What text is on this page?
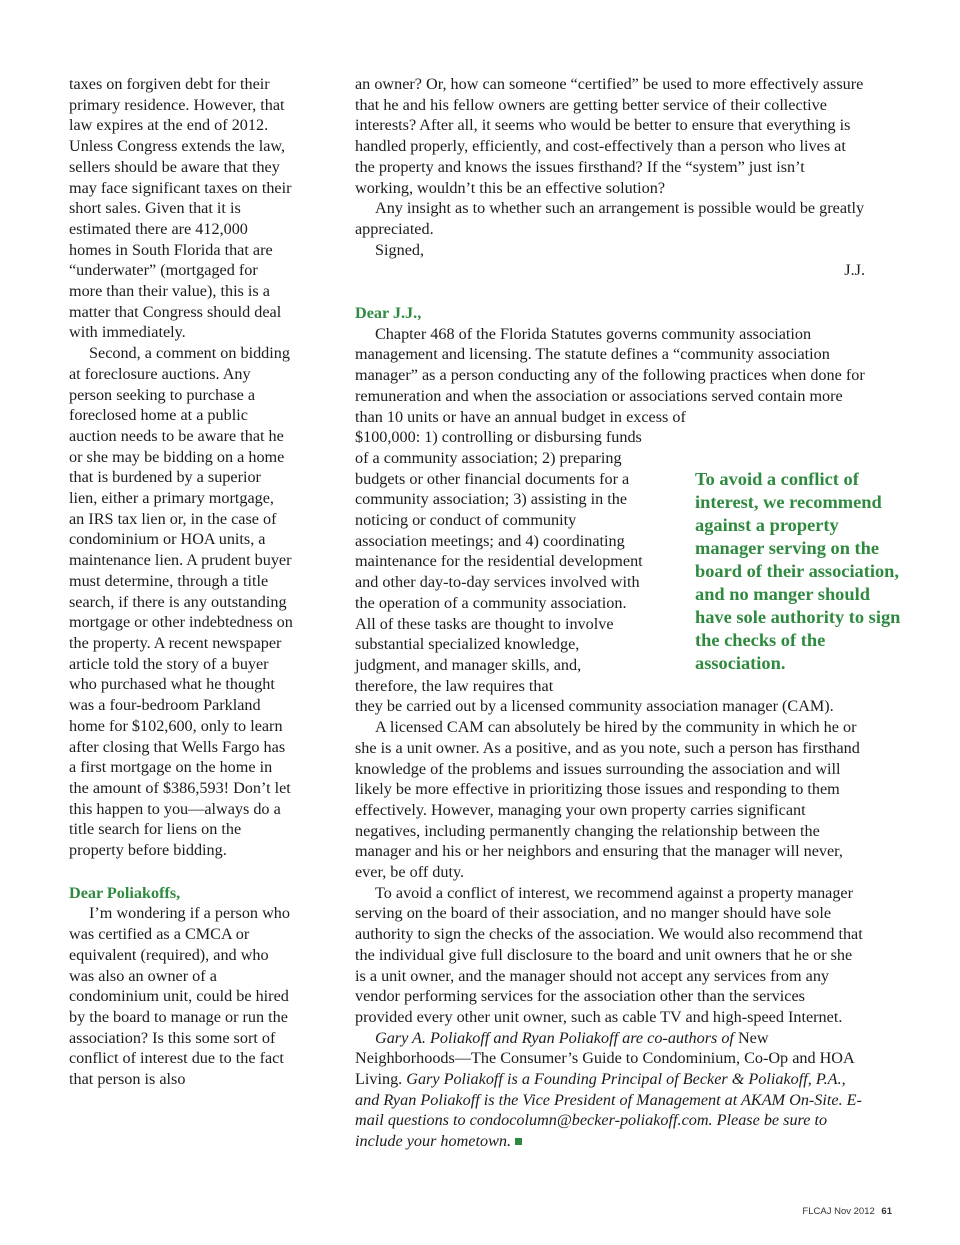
taxes on forgiven debt for their primary residence. However, that law expires at the end of 2012. Unless Congress extends the law, sellers should be aware that they may face significant taxes on their short sales. Given that it is estimated there are 412,000 homes in South Florida that are “underwater” (mortgaged for more than their value), this is a matter that Congress should deal with immediately.

Second, a comment on bidding at foreclosure auctions. Any person seeking to purchase a foreclosed home at a public auction needs to be aware that he or she may be bidding on a home that is burdened by a superior lien, either a primary mortgage, an IRS tax lien or, in the case of condominium or HOA units, a maintenance lien. A prudent buyer must determine, through a title search, if there is any outstanding mortgage or other indebtedness on the property. A recent newspaper article told the story of a buyer who purchased what he thought was a four-bedroom Parkland home for $102,600, only to learn after closing that Wells Fargo has a first mortgage on the home in the amount of $386,593! Don’t let this happen to you—always do a title search for liens on the property before bidding.

Dear Poliakoffs,

I’m wondering if a person who was certified as a CMCA or equivalent (required), and who was also an owner of a condominium unit, could be hired by the board to manage or run the association? Is this some sort of conflict of interest due to the fact that person is also

an owner? Or, how can someone “certified” be used to more effectively assure that he and his fellow owners are getting better service of their collective interests? After all, it seems who would be better to ensure that everything is handled properly, efficiently, and cost-effectively than a person who lives at the property and knows the issues firsthand? If the “system” just isn’t working, wouldn’t this be an effective solution?

Any insight as to whether such an arrangement is possible would be greatly appreciated.

Signed,

J.J.

Dear J.J.,

Chapter 468 of the Florida Statutes governs community association management and licensing. The statute defines a “community association manager” as a person conducting any of the following practices when done for remuneration and when the association or associations served contain more than 10 units or have an annual budget in excess of

$100,000: 1) controlling or disbursing funds of a community association; 2) preparing budgets or other financial documents for a community association; 3) assisting in the noticing or conduct of community association meetings; and 4) coordinating maintenance for the residential development and other day-to-day services involved with the operation of a community association. All of these tasks are thought to involve substantial specialized knowledge, judgment, and manager skills, and, therefore, the law requires that

they be carried out by a licensed community association manager (CAM).

A licensed CAM can absolutely be hired by the community in which he or she is a unit owner. As a positive, and as you note, such a person has firsthand knowledge of the problems and issues surrounding the association and will likely be more effective in prioritizing those issues and responding to them effectively. However, managing your own property carries significant negatives, including permanently changing the relationship between the manager and his or her neighbors and ensuring that the manager will never, ever, be off duty.

To avoid a conflict of interest, we recommend against a property manager serving on the board of their association, and no manger should have sole authority to sign the checks of the association. We would also recommend that the individual give full disclosure to the board and unit owners that he or she is a unit owner, and the manager should not accept any services from any vendor performing services for the association other than the services provided every other unit owner, such as cable TV and high-speed Internet.

Gary A. Poliakoff and Ryan Poliakoff are co-authors of New Neighborhoods—The Consumer’s Guide to Condominium, Co-Op and HOA Living. Gary Poliakoff is a Founding Principal of Becker & Poliakoff, P.A., and Ryan Poliakoff is the Vice President of Management at AKAM On-Site. E-mail questions to condocolumn@becker-poliakoff.com. Please be sure to include your hometown.

To avoid a conflict of interest, we recommend against a property manager serving on the board of their association, and no manger should have sole authority to sign the checks of the association.
FLCAJ Nov 2012 61
